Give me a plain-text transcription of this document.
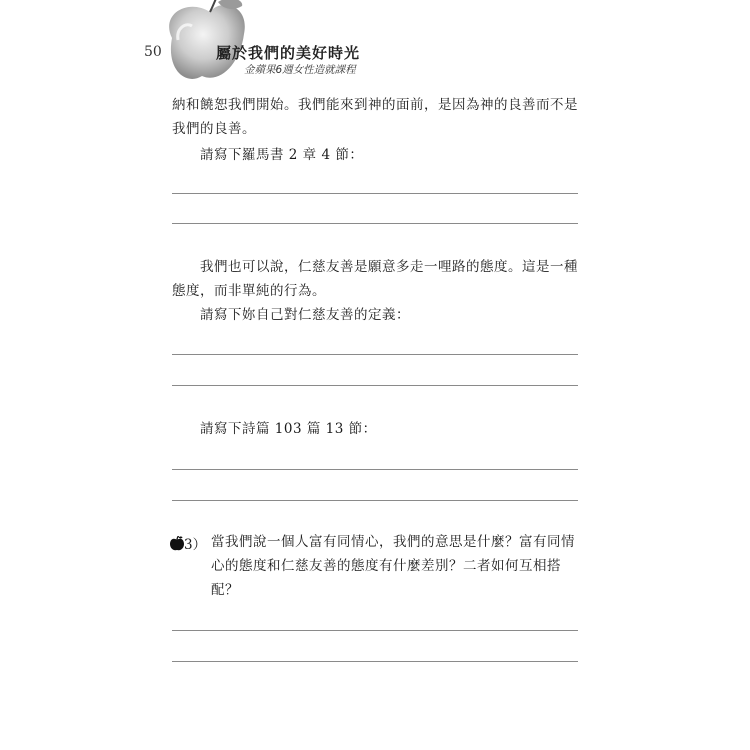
50	屬於我們的美好時光
金蘋果6週女性造就課程
納和饒恕我們開始。我們能來到神的面前，是因為神的良善而不是
我們的良善。
請寫下羅馬書 2 章 4 節：
我們也可以說，仁慈友善是願意多走一哩路的態度。這是一種
態度，而非單純的行為。
請寫下妳自己對仁慈友善的定義：
請寫下詩篇 103 篇 13 節：
3） 當我們說一個人富有同情心，我們的意思是什麼？富有同情
心的態度和仁慈友善的態度有什麼差別？二者如何互相搭
配？
